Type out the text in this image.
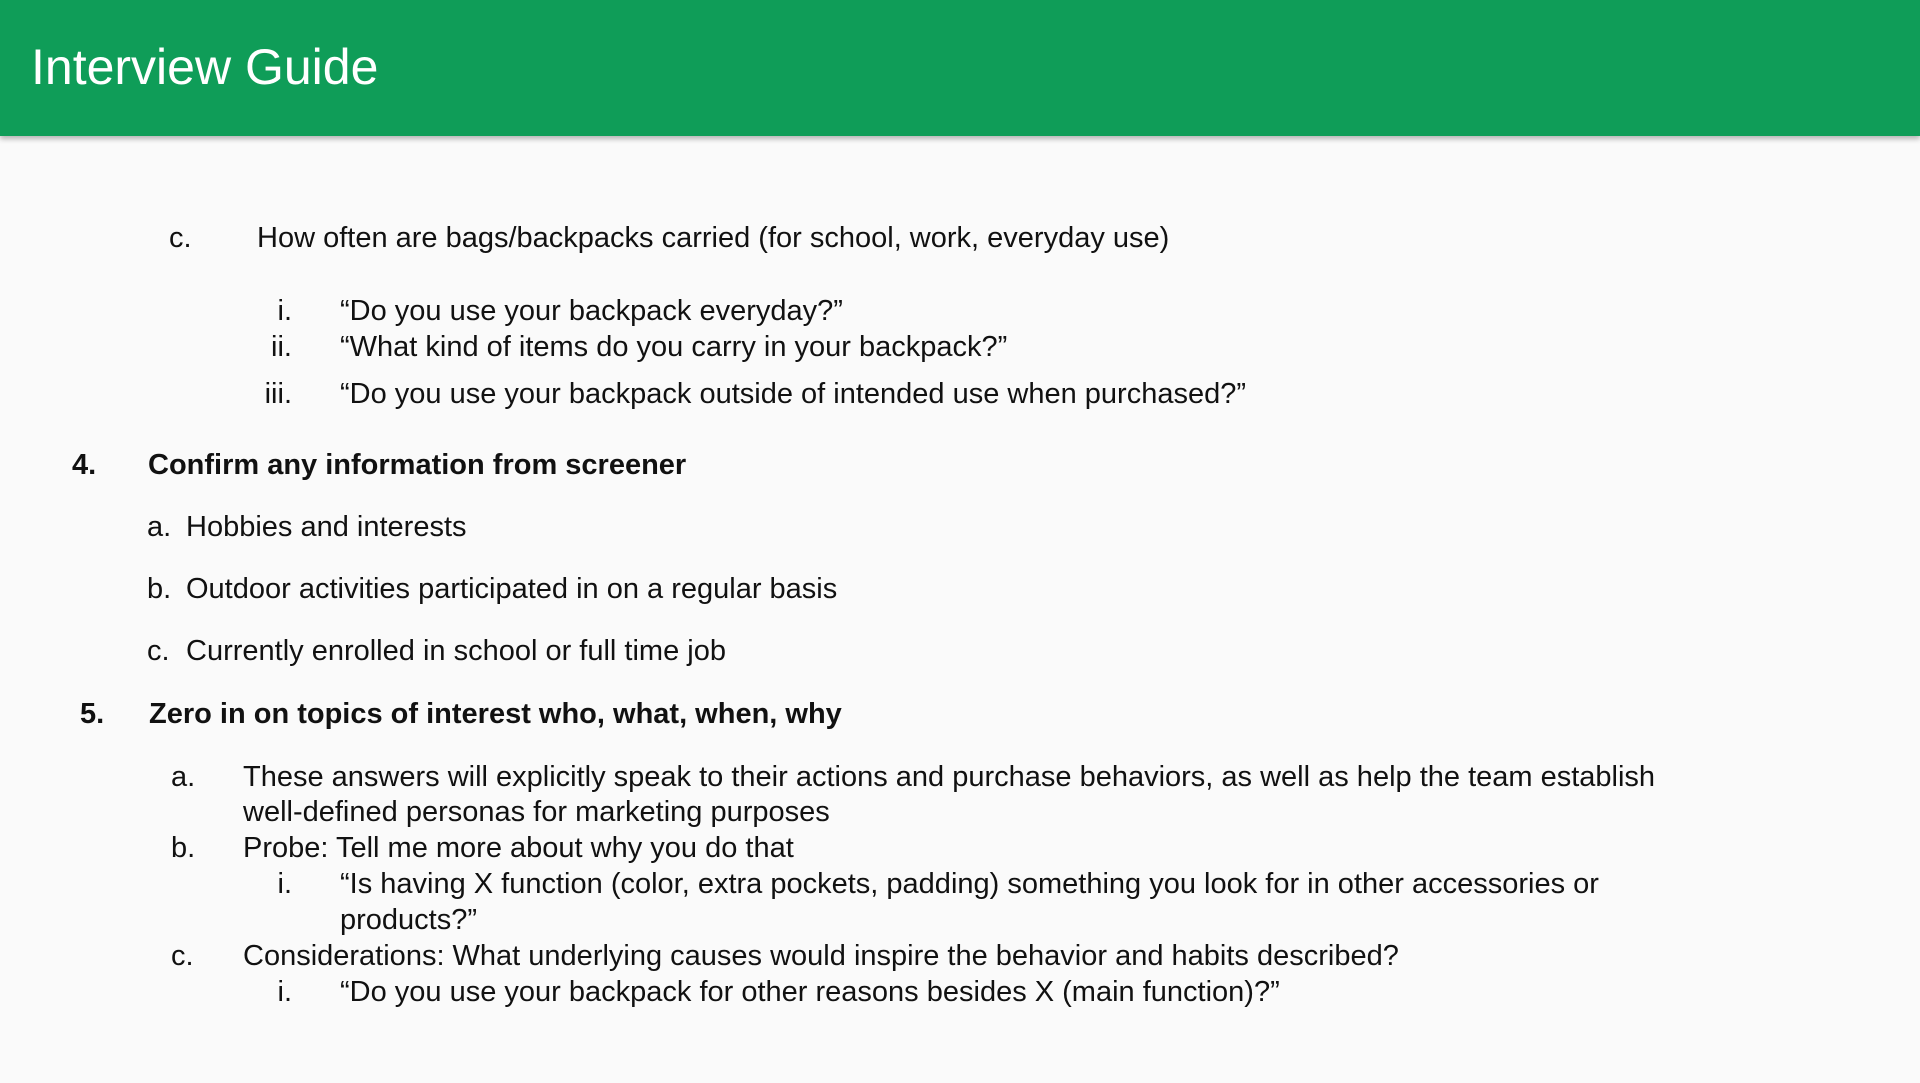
Interview Guide
c. How often are bags/backpacks carried (for school, work, everyday use)
i. “Do you use your backpack everyday?”
ii. “What kind of items do you carry in your backpack?”
iii. “Do you use your backpack outside of intended use when purchased?”
4. Confirm any information from screener
a. Hobbies and interests
b. Outdoor activities participated in on a regular basis
c. Currently enrolled in school or full time job
5. Zero in on topics of interest who, what, when, why
a. These answers will explicitly speak to their actions and purchase behaviors, as well as help the team establish
well-defined personas for marketing purposes
b. Probe: Tell me more about why you do that
i. “Is having X function (color, extra pockets, padding) something you look for in other accessories or
products?”
c. Considerations: What underlying causes would inspire the behavior and habits described?
i. “Do you use your backpack for other reasons besides X (main function)?”
